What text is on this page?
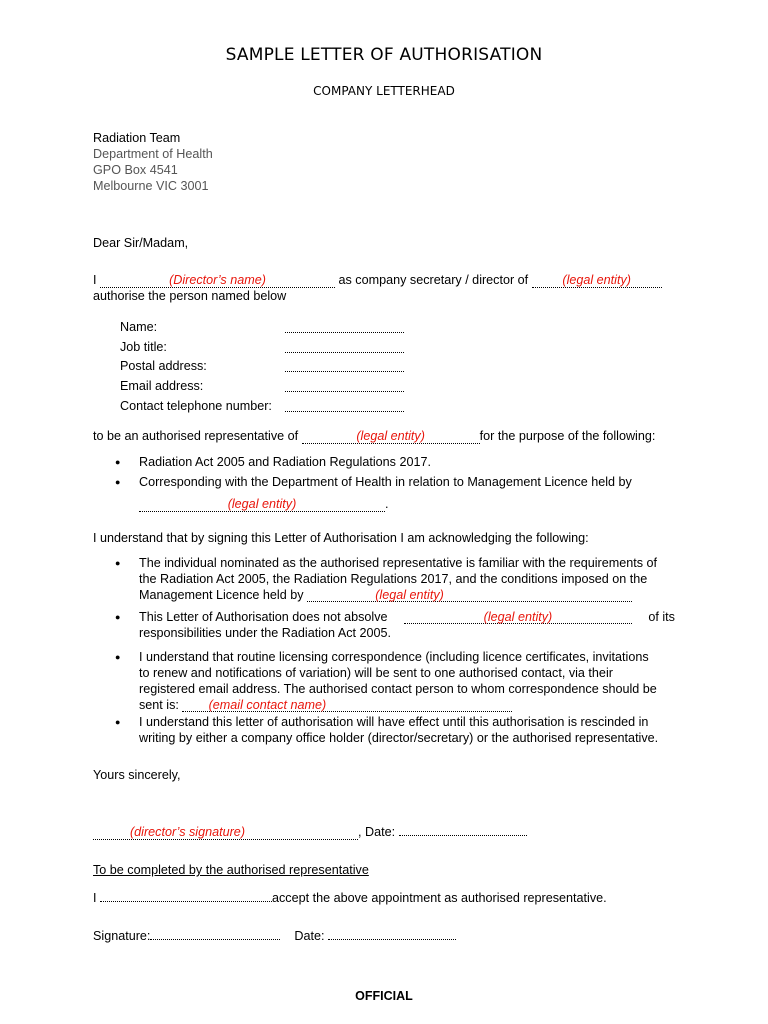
SAMPLE LETTER OF AUTHORISATION
COMPANY LETTERHEAD
Radiation Team
Department of Health
GPO Box 4541
Melbourne VIC 3001
Dear Sir/Madam,
I	(Director’s name)	as company secretary / director of	(legal entity)
authorise the person named below
Name:
Job title:
Postal address:
Email address:
Contact telephone number:
to be an authorised representative of	(legal entity)	for the purpose of the following:
● Radiation Act 2005 and Radiation Regulations 2017.
● Corresponding with the Department of Health in relation to Management Licence held by
(legal entity)	.
I understand that by signing this Letter of Authorisation I am acknowledging the following:
● The individual nominated as the authorised representative is familiar with the requirements of
the Radiation Act 2005, the Radiation Regulations 2017, and the conditions imposed on the
Management Licence held by	(legal entity)
● This Letter of Authorisation does not absolve	(legal entity)	of its
responsibilities under the Radiation Act 2005.
● I understand that routine licensing correspondence (including licence certificates, invitations
to renew and notifications of variation) will be sent to one authorised contact, via their
registered email address. The authorised contact person to whom correspondence should be
sent is: (email contact name)
● I understand this letter of authorisation will have effect until this authorisation is rescinded in
writing by either a company office holder (director/secretary) or the authorised representative.
Yours sincerely,
(director’s signature)	, Date:
To be completed by the authorised representative
I	accept the above appointment as authorised representative.
Signature:	Date:
OFFICIAL
